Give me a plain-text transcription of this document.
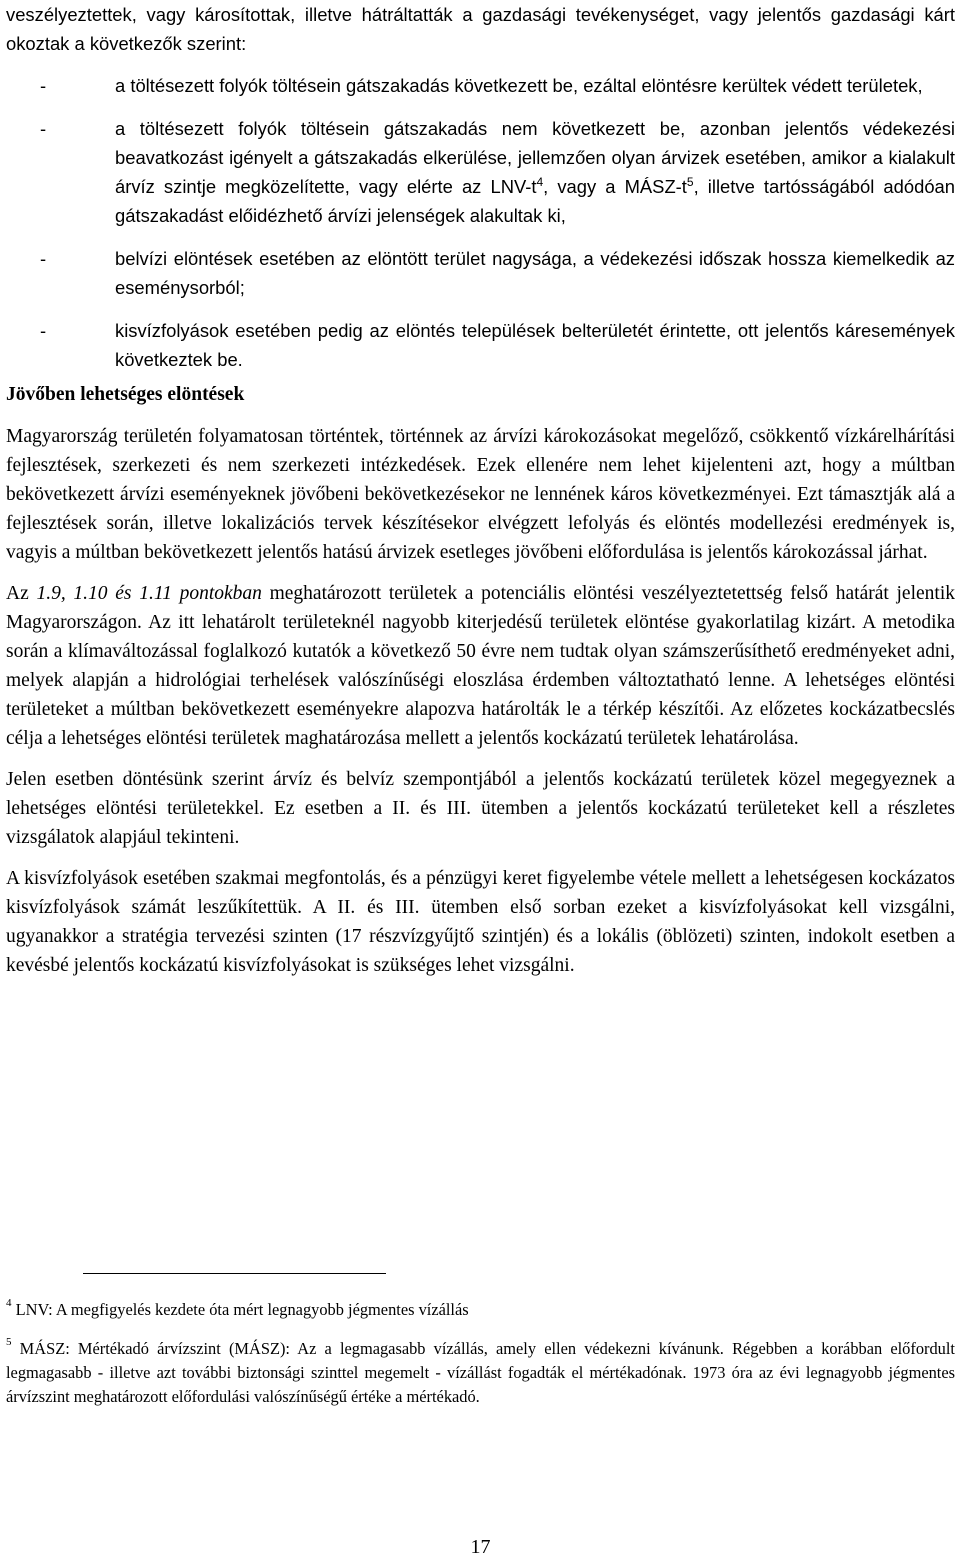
veszélyeztettek, vagy károsítottak, illetve hátráltatták a gazdasági tevékenységet, vagy jelentős gazdasági kárt okoztak a következők szerint:

-	a töltésezett folyók töltésein gátszakadás következett be, ezáltal elöntésre kerültek védett területek,
-	a töltésezett folyók töltésein gátszakadás nem következett be, azonban jelentős védekezési beavatkozást igényelt a gátszakadás elkerülése, jellemzően olyan árvizek esetében, amikor a kialakult árvíz szintje megközelítette, vagy elérte az LNV-$t^4$, vagy a MÁSZ-$t^5$, illetve tartósságából adódóan gátszakadást előidézhető árvízi jelenségek alakultak ki,
-	belvízi elöntések esetében az elöntött terület nagysága, a védekezési időszak hossza kiemelkedik az eseménysorból;
-	kisvízfolyások esetében pedig az elöntés települések belterületét érintette, ott jelentős káresemények következtek be.
Jövőben lehetséges elöntések

Magyarország területén folyamatosan történtek, történnek az árvízi károkozásokat megelőző, csökkentő vízkárelhárítási fejlesztések, szerkezeti és nem szerkezeti intézkedések. Ezek ellenére nem lehet kijelenteni azt, hogy a múltban bekövetkezett árvízi eseményeknek jövőbeni bekövetkezésekor ne lennének káros következményei. Ezt támasztják alá a fejlesztések során, illetve lokalizációs tervek készítésekor elvégzett lefolyás és elöntés modellezési eredmények is, vagyis a múltban bekövetkezett jelentős hatású árvizek esetleges jövőbeni előfordulása is jelentős károkozással járhat.

Az 1.9, 1.10 és 1.11 pontokban meghatározott területek a potenciális elöntési veszélyeztetettség felső határát jelentik Magyarországon. Az itt lehatárolt területeknél nagyobb kiterjedésű területek elöntése gyakorlatilag kizárt. A metodika során a klímaváltozással foglalkozó kutatók a következő 50 évre nem tudtak olyan számszerűsíthető eredményeket adni, melyek alapján a hidrológiai terhelések valószínűségi eloszlása érdemben változtatható lenne. A lehetséges elöntési területeket a múltban bekövetkezett eseményekre alapozva határolták le a térkép készítői. Az előzetes kockázatbecslés célja a lehetséges elöntési területek maghatározása mellett a jelentős kockázatú területek lehatárolása.

Jelen esetben döntésünk szerint árvíz és belvíz szempontjából a jelentős kockázatú területek közel megegyeznek a lehetséges elöntési területekkel. Ez esetben a II. és III. ütemben a jelentős kockázatú területeket kell a részletes vizsgálatok alapjául tekinteni.

A kisvízfolyások esetében szakmai megfontolás, és a pénzügyi keret figyelembe vétele mellett a lehetségesen kockázatos kisvízfolyások számát leszűkítettük. A II. és III. ütemben első sorban ezeket a kisvízfolyásokat kell vizsgálni, ugyanakkor a stratégia tervezési szinten (17 részvízgyűjtő szintjén) és a lokális (öblözeti) szinten, indokolt esetben a kevésbé jelentős kockázatú kisvízfolyásokat is szükséges lehet vizsgálni.

$^4$ LNV: A megfigyelés kezdete óta mért legnagyobb jégmentes vízállás
$^5$ MÁSZ: Mértékadó árvízszint (MÁSZ): Az a legmagasabb vízállás, amely ellen védekezni kívánunk. Régebben a korábban előfordult legmagasabb - illetve azt további biztonsági szinttel megemelt - vízállást fogadták el mértékadónak. 1973 óra az évi legnagyobb jégmentes árvízszint meghatározott előfordulási valószínűségű értéke a mértékadó.
17
